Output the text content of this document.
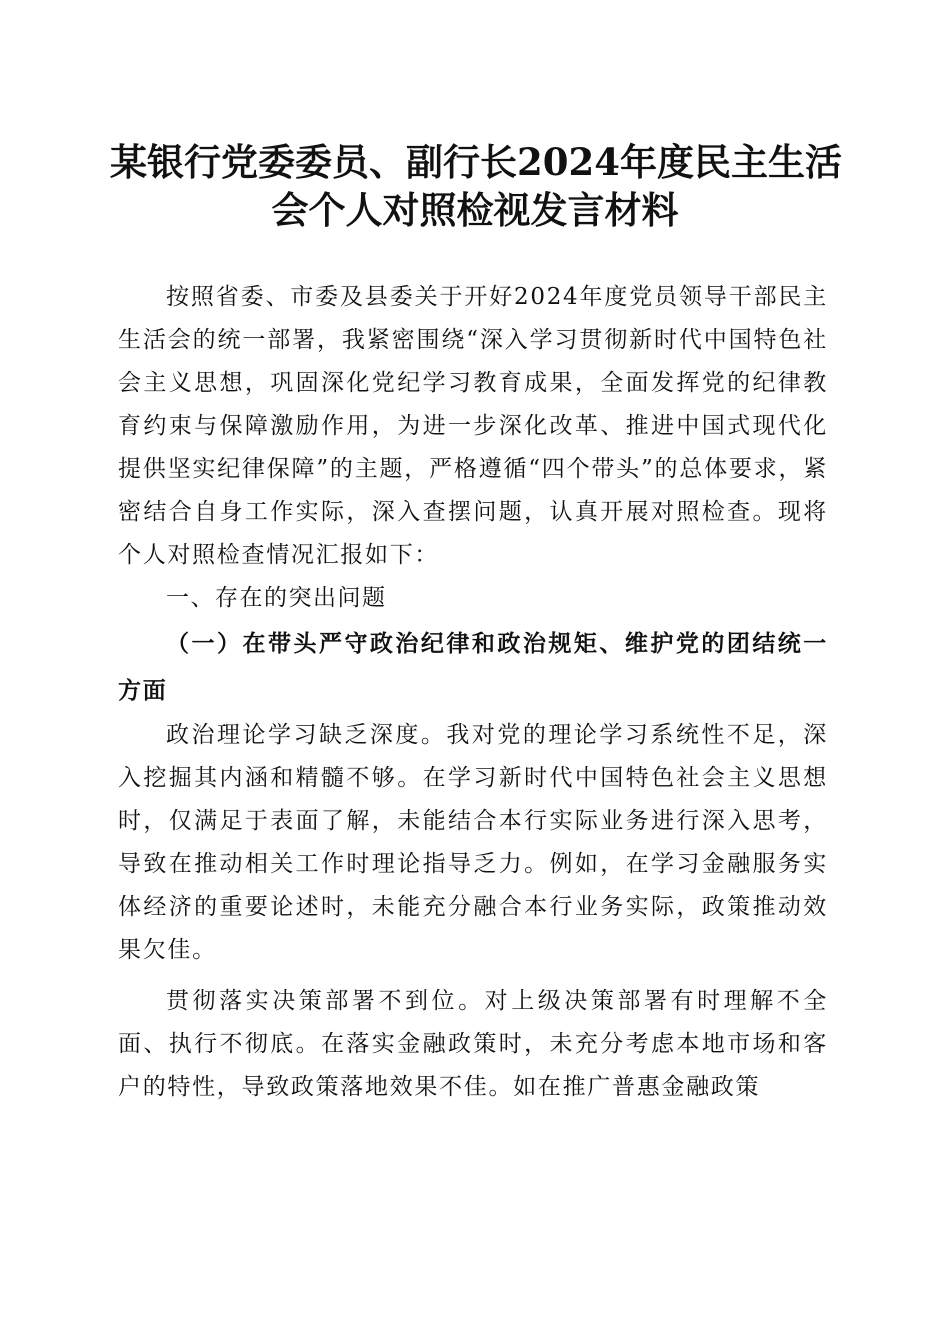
某银行党委委员、副行长2024年度民主生活
会个人对照检视发言材料

按照省委、市委及县委关于开好2024年度党员领导干部民主生活会的统一部署，我紧密围绕“深入学习贯彻新时代中国特色社会主义思想，巩固深化党纪学习教育成果，全面发挥党的纪律教育约束与保障激励作用，为进一步深化改革、推进中国式现代化提供坚实纪律保障”的主题，严格遵循“四个带头”的总体要求，紧密结合自身工作实际，深入查摆问题，认真开展对照检查。现将个人对照检查情况汇报如下：

一、存在的突出问题

（一）在带头严守政治纪律和政治规矩、维护党的团结统一方面

政治理论学习缺乏深度。我对党的理论学习系统性不足，深入挖掘其内涵和精髓不够。在学习新时代中国特色社会主义思想时，仅满足于表面了解，未能结合本行实际业务进行深入思考，导致在推动相关工作时理论指导乏力。例如，在学习金融服务实体经济的重要论述时，未能充分融合本行业务实际，政策推动效果欠佳。

贯彻落实决策部署不到位。对上级决策部署有时理解不全面、执行不彻底。在落实金融政策时，未充分考虑本地市场和客户的特性，导致政策落地效果不佳。如在推广普惠金融政策
